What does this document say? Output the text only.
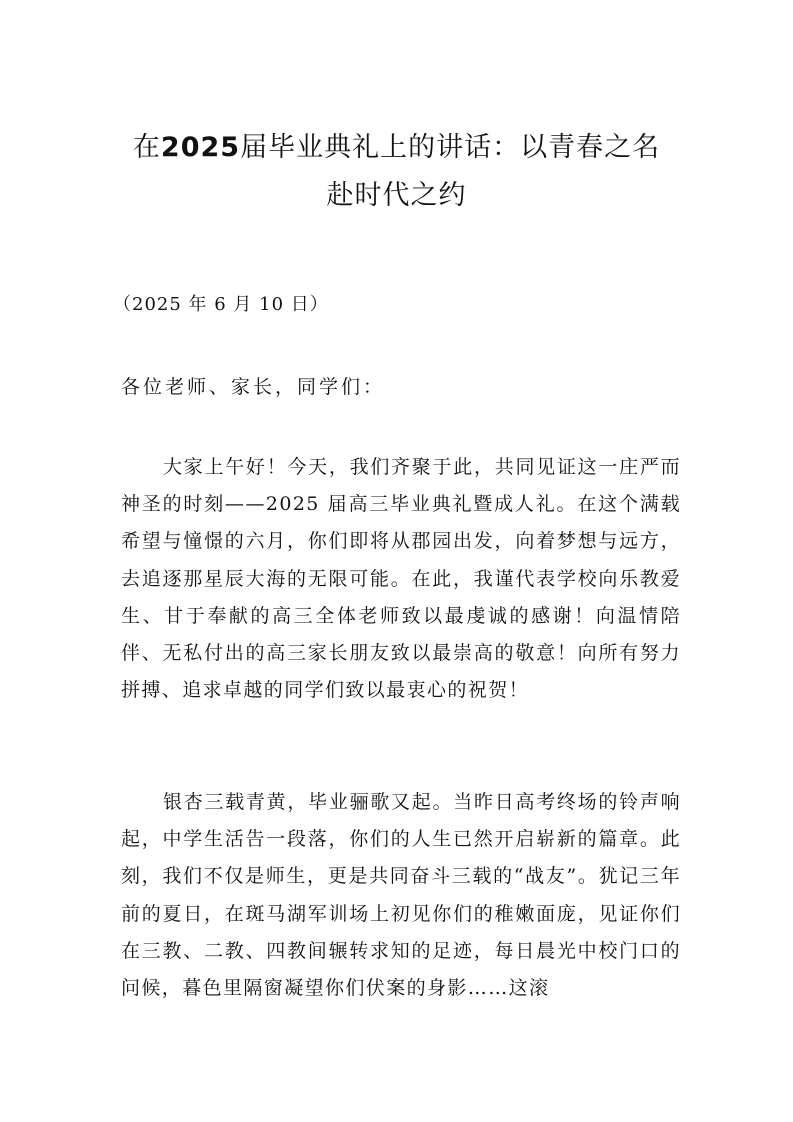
在2025届毕业典礼上的讲话：以青春之名
赴时代之约
（2025 年 6 月 10 日）
各位老师、家长，同学们：
大家上午好！今天，我们齐聚于此，共同见证这一庄严而神圣的时刻——2025 届高三毕业典礼暨成人礼。在这个满载希望与憧憬的六月，你们即将从郡园出发，向着梦想与远方，去追逐那星辰大海的无限可能。在此，我谨代表学校向乐教爱生、甘于奉献的高三全体老师致以最虔诚的感谢！向温情陪伴、无私付出的高三家长朋友致以最崇高的敬意！向所有努力拼搏、追求卓越的同学们致以最衷心的祝贺！
银杏三载青黄，毕业骊歌又起。当昨日高考终场的铃声响起，中学生活告一段落，你们的人生已然开启崭新的篇章。此刻，我们不仅是师生，更是共同奋斗三载的“战友”。犹记三年前的夏日，在斑马湖军训场上初见你们的稚嫩面庞，见证你们在三教、二教、四教间辗转求知的足迹，每日晨光中校门口的问候，暮色里隔窗凝望你们伏案的身影……这滚
